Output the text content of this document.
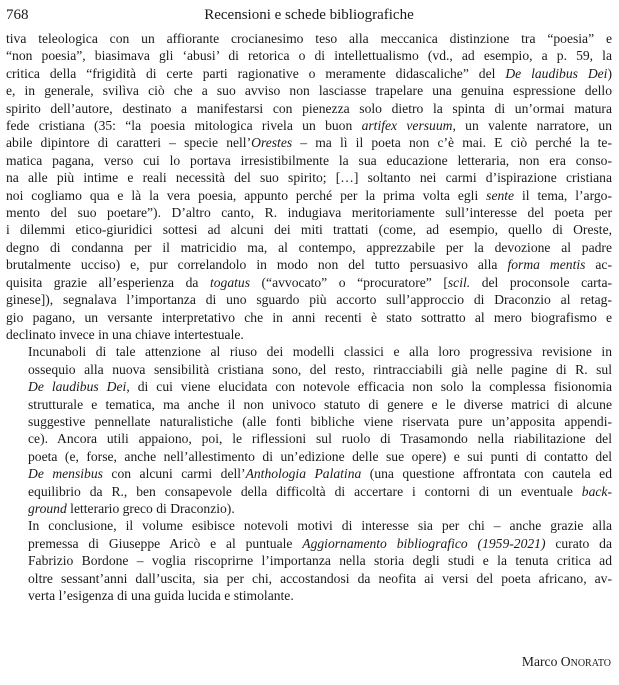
768	Recensioni e schede bibliografiche

tiva teleologica con un affiorante crocianesimo teso alla meccanica distinzione tra “poesia” e
“non poesia”, biasimava gli ‘abusi’ di retorica o di intellettualismo (vd., ad esempio, a p. 59, la
critica della “frigidità di certe parti ragionative o meramente didascaliche” del De laudibus Dei)
e, in generale, svilìva ciò che a suo avviso non lasciasse trapelare una genuina espressione dello
spirito dell’autore, destinato a manifestarsi con pienezza solo dietro la spinta di un’ormai matura
fede cristiana (35: “la poesia mitologica rivela un buon artifex versuum, un valente narratore, un
abile dipintore di caratteri – specie nell’Orestes – ma lì il poeta non c’è mai. E ciò perché la te-
matica pagana, verso cui lo portava irresistibilmente la sua educazione letteraria, non era conso-
na alle più intime e reali necessità del suo spirito; […] soltanto nei carmi d’ispirazione cristiana
noi cogliamo qua e là la vera poesia, appunto perché per la prima volta egli sente il tema, l’argo-
mento del suo poetare”). D’altro canto, R. indugiava meritoriamente sull’interesse del poeta per
i dilemmi etico-giuridici sottesi ad alcuni dei miti trattati (come, ad esempio, quello di Oreste,
degno di condanna per il matricidio ma, al contempo, apprezzabile per la devozione al padre
brutalmente ucciso) e, pur correlandolo in modo non del tutto persuasivo alla forma mentis ac-
quisita grazie all’esperienza da togatus (“avvocato” o “procuratore” [scil. del proconsole carta-
ginese]), segnalava l’importanza di uno sguardo più accorto sull’approccio di Draconzio al retag-
gio pagano, un versante interpretativo che in anni recenti è stato sottratto al mero biografismo e
declinato invece in una chiave intertestuale.

Incunaboli di tale attenzione al riuso dei modelli classici e alla loro progressiva revisione in
ossequio alla nuova sensibilità cristiana sono, del resto, rintracciabili già nelle pagine di R. sul
De laudibus Dei, di cui viene elucidata con notevole efficacia non solo la complessa fisionomia
strutturale e tematica, ma anche il non univoco statuto di genere e le diverse matrici di alcune
suggestive pennellate naturalistiche (alle fonti bibliche viene riservata pure un’apposita appendi-
ce). Ancora utili appaiono, poi, le riflessioni sul ruolo di Trasamondo nella riabilitazione del
poeta (e, forse, anche nell’allestimento di un’edizione delle sue opere) e sui punti di contatto del
De mensibus con alcuni carmi dell’Anthologia Palatina (una questione affrontata con cautela ed
equilibrio da R., ben consapevole della difficoltà di accertare i contorni di un eventuale back-
ground letterario greco di Draconzio).

In conclusione, il volume esibisce notevoli motivi di interesse sia per chi – anche grazie alla
premessa di Giuseppe Aricò e al puntuale Aggiornamento bibliografico (1959-2021) curato da
Fabrizio Bordone – voglia riscoprirne l’importanza nella storia degli studi e la tenuta critica ad
oltre sessant’anni dall’uscita, sia per chi, accostandosi da neofita ai versi del poeta africano, av-
verta l’esigenza di una guida lucida e stimolante.

Marco Onorato
